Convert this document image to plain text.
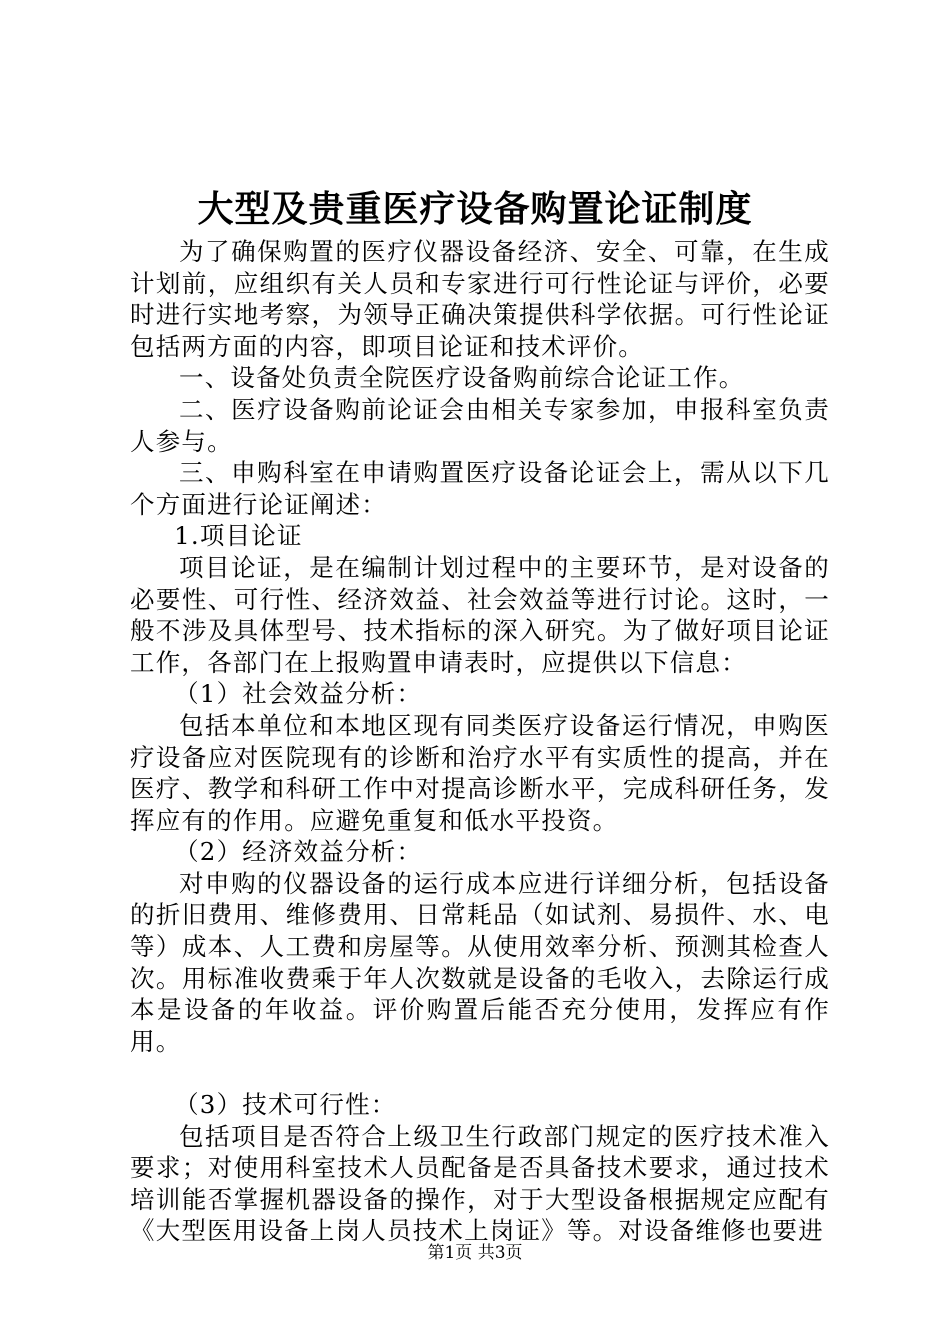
大型及贵重医疗设备购置论证制度

为了确保购置的医疗仪器设备经济、安全、可靠，在生成计划前，应组织有关人员和专家进行可行性论证与评价，必要时进行实地考察，为领导正确决策提供科学依据。可行性论证包括两方面的内容，即项目论证和技术评价。

一、设备处负责全院医疗设备购前综合论证工作。

二、医疗设备购前论证会由相关专家参加，申报科室负责人参与。

三、申购科室在申请购置医疗设备论证会上，需从以下几个方面进行论证阐述：

1.项目论证

项目论证，是在编制计划过程中的主要环节，是对设备的必要性、可行性、经济效益、社会效益等进行讨论。这时，一般不涉及具体型号、技术指标的深入研究。为了做好项目论证工作，各部门在上报购置申请表时，应提供以下信息：

（1）社会效益分析：

包括本单位和本地区现有同类医疗设备运行情况，申购医疗设备应对医院现有的诊断和治疗水平有实质性的提高，并在医疗、教学和科研工作中对提高诊断水平，完成科研任务，发挥应有的作用。应避免重复和低水平投资。

（2）经济效益分析：

对申购的仪器设备的运行成本应进行详细分析，包括设备的折旧费用、维修费用、日常耗品（如试剂、易损件、水、电等）成本、人工费和房屋等。从使用效率分析、预测其检查人次。用标准收费乘于年人次数就是设备的毛收入，去除运行成本是设备的年收益。评价购置后能否充分使用，发挥应有作用。

（3）技术可行性：

包括项目是否符合上级卫生行政部门规定的医疗技术准入要求；对使用科室技术人员配备是否具备技术要求，通过技术培训能否掌握机器设备的操作，对于大型设备根据规定应配有《大型医用设备上岗人员技术上岗证》等。对设备维修也要进

第1页 共3页
